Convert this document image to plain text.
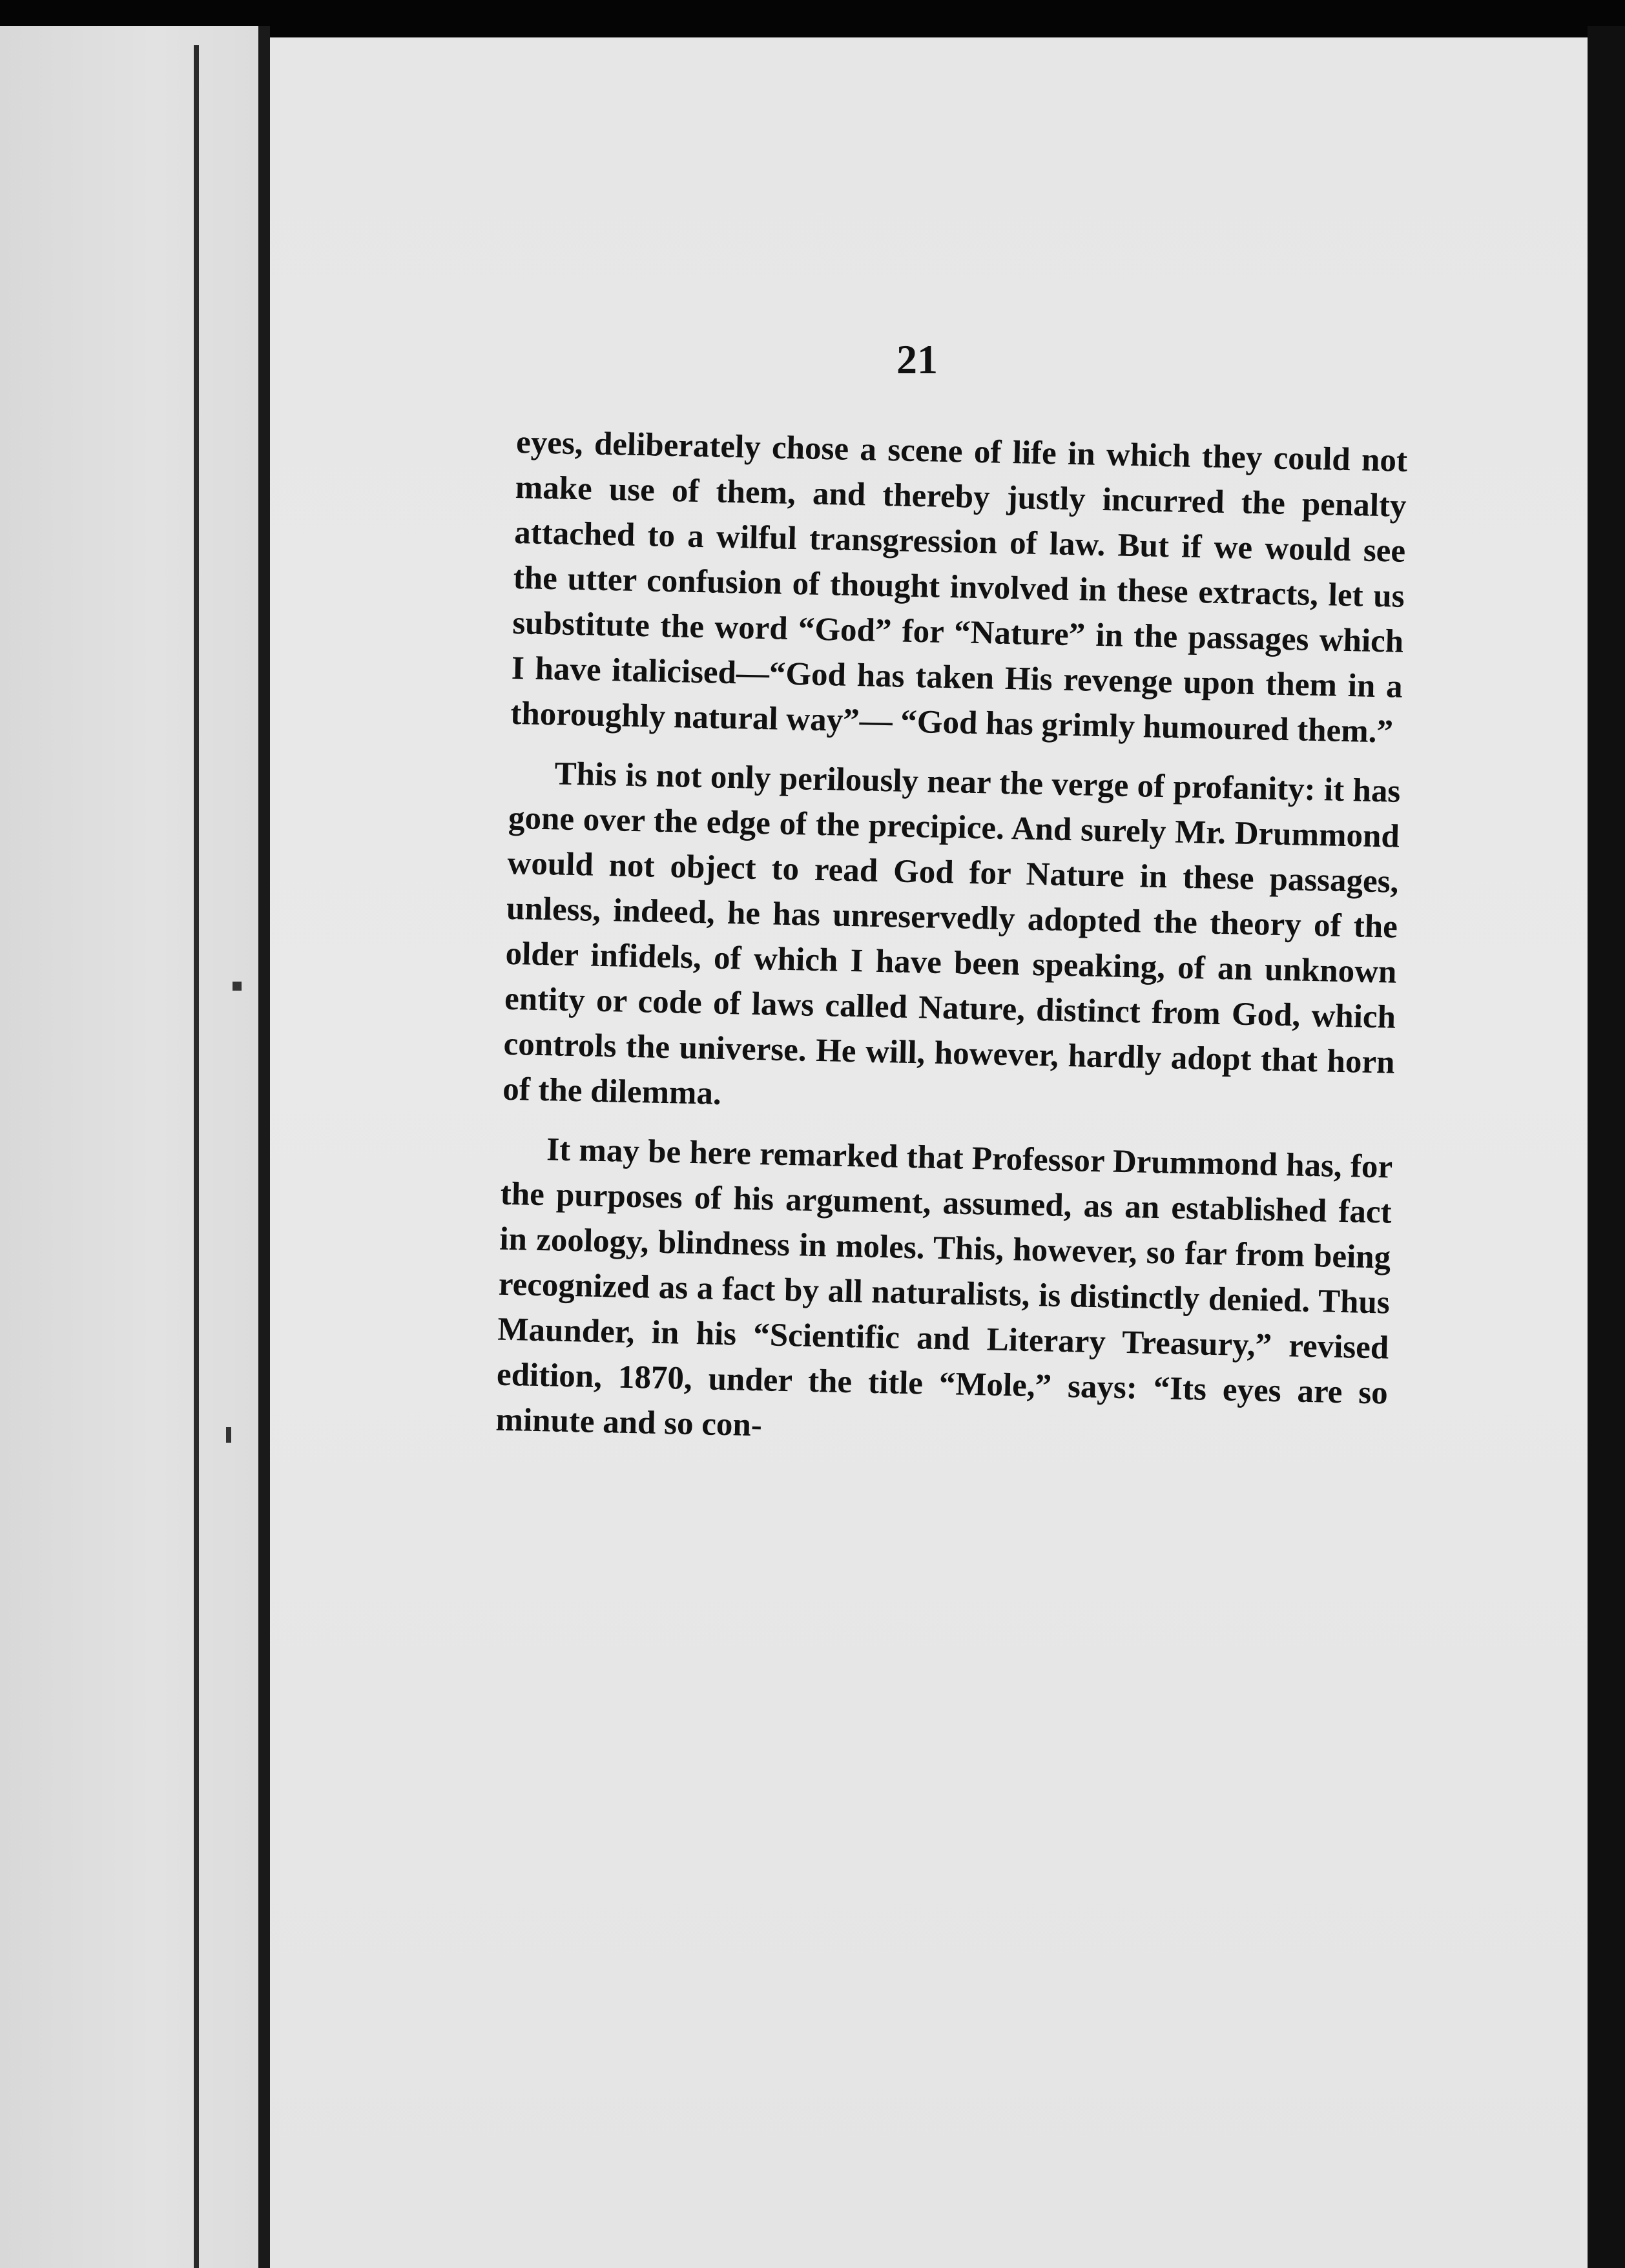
21

eyes, deliberately chose a scene of life in which they could not make use of them, and thereby justly incurred the penalty attached to a wilful transgression of law. But if we would see the utter confusion of thought involved in these extracts, let us substitute the word “God” for “Nature” in the passages which I have italicised—“God has taken His revenge upon them in a thoroughly natural way”— “God has grimly humoured them.”

This is not only perilously near the verge of profanity: it has gone over the edge of the precipice. And surely Mr. Drummond would not object to read God for Nature in these passages, unless, indeed, he has unreservedly adopted the theory of the older infidels, of which I have been speaking, of an unknown entity or code of laws called Nature, distinct from God, which controls the universe. He will, however, hardly adopt that horn of the dilemma.

It may be here remarked that Professor Drummond has, for the purposes of his argument, assumed, as an established fact in zoology, blindness in moles. This, however, so far from being recognized as a fact by all naturalists, is distinctly denied. Thus Maunder, in his “Scientific and Literary Treasury,” revised edition, 1870, under the title “Mole,” says: “Its eyes are so minute and so con-
